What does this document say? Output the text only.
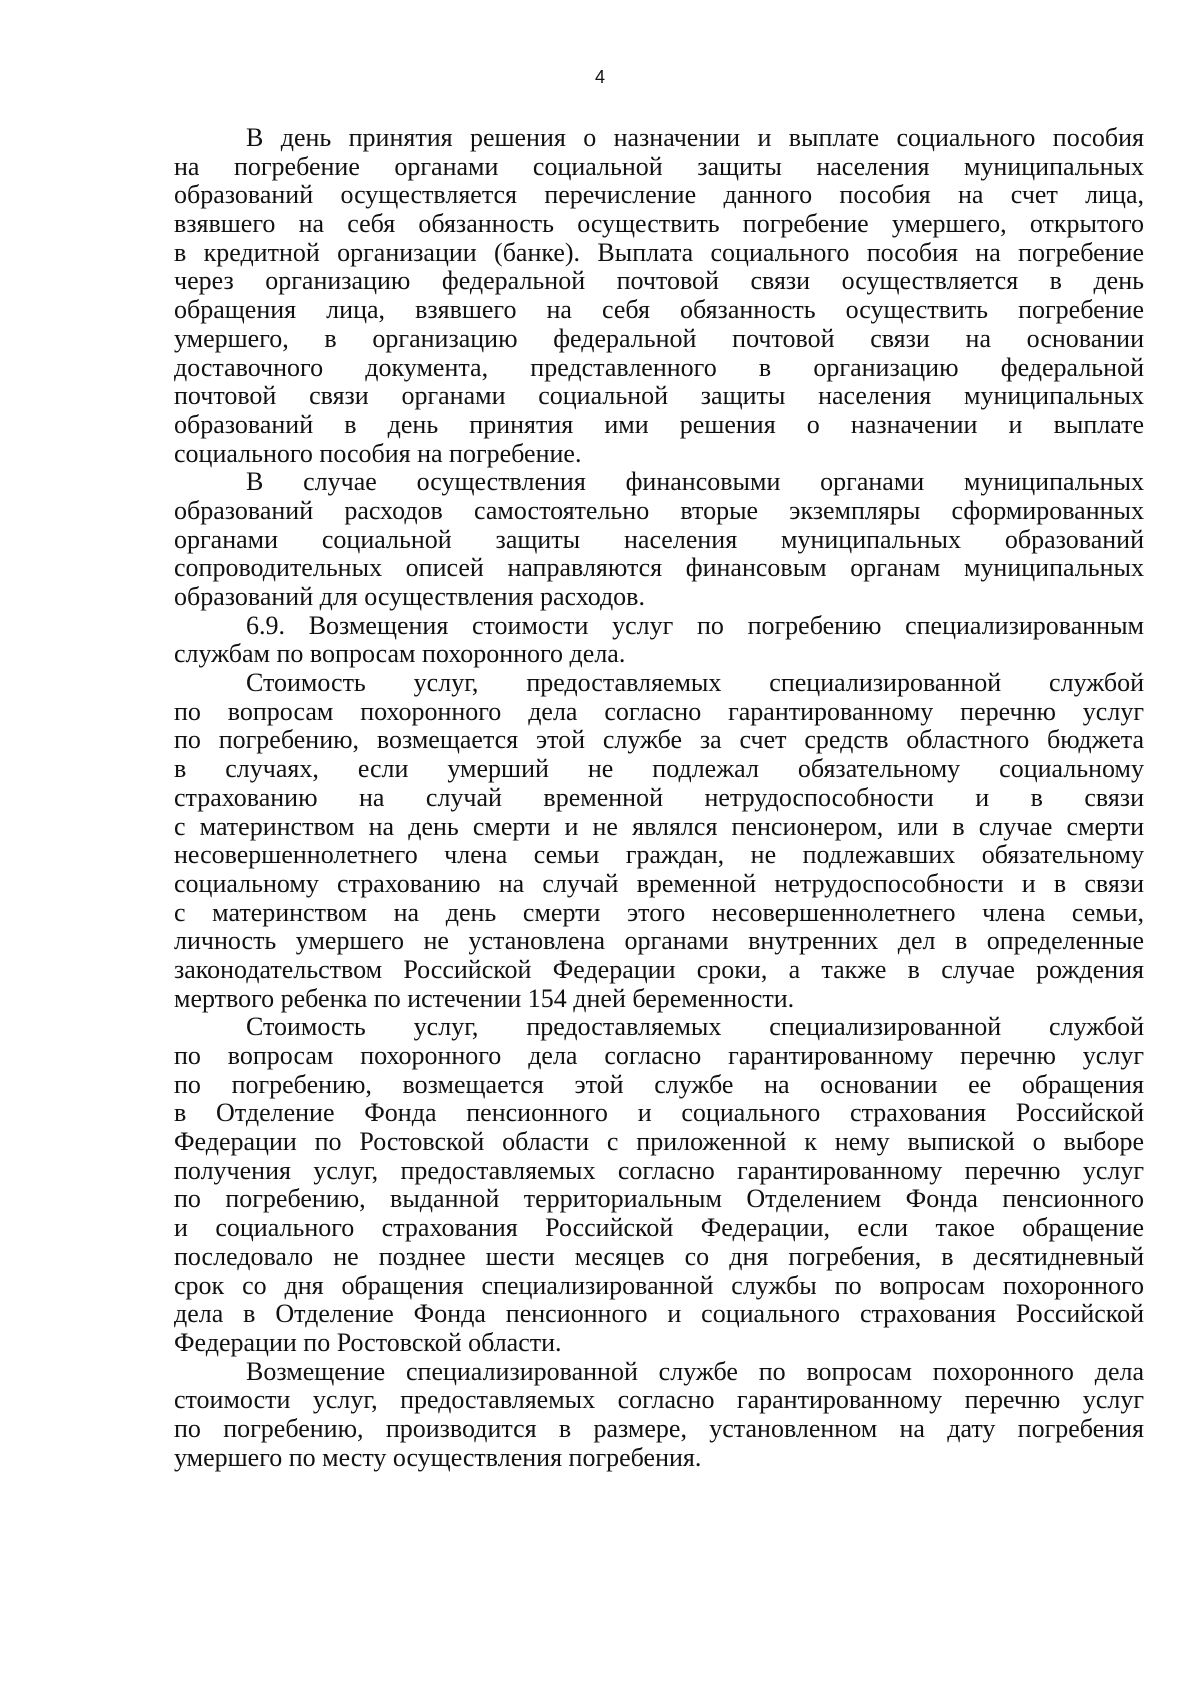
4
В день принятия решения о назначении и выплате социального пособия
на погребение органами социальной защиты населения муниципальных
образований осуществляется перечисление данного пособия на счет лица,
взявшего на себя обязанность осуществить погребение умершего, открытого
в кредитной организации (банке). Выплата социального пособия на погребение
через организацию федеральной почтовой связи осуществляется в день
обращения лица, взявшего на себя обязанность осуществить погребение
умершего, в организацию федеральной почтовой связи на основании
доставочного документа, представленного в организацию федеральной
почтовой связи органами социальной защиты населения муниципальных
образований в день принятия ими решения о назначении и выплате
социального пособия на погребение.
В случае осуществления финансовыми органами муниципальных
образований расходов самостоятельно вторые экземпляры сформированных
органами социальной защиты населения муниципальных образований
сопроводительных описей направляются финансовым органам муниципальных
образований для осуществления расходов.
6.9. Возмещения стоимости услуг по погребению специализированным
службам по вопросам похоронного дела.
Стоимость услуг, предоставляемых специализированной службой
по вопросам похоронного дела согласно гарантированному перечню услуг
по погребению, возмещается этой службе за счет средств областного бюджета
в случаях, если умерший не подлежал обязательному социальному
страхованию на случай временной нетрудоспособности и в связи
с материнством на день смерти и не являлся пенсионером, или в случае смерти
несовершеннолетнего члена семьи граждан, не подлежавших обязательному
социальному страхованию на случай временной нетрудоспособности и в связи
с материнством на день смерти этого несовершеннолетнего члена семьи,
личность умершего не установлена органами внутренних дел в определенные
законодательством Российской Федерации сроки, а также в случае рождения
мертвого ребенка по истечении 154 дней беременности.
Стоимость услуг, предоставляемых специализированной службой
по вопросам похоронного дела согласно гарантированному перечню услуг
по погребению, возмещается этой службе на основании ее обращения
в Отделение Фонда пенсионного и социального страхования Российской
Федерации по Ростовской области с приложенной к нему выпиской о выборе
получения услуг, предоставляемых согласно гарантированному перечню услуг
по погребению, выданной территориальным Отделением Фонда пенсионного
и социального страхования Российской Федерации, если такое обращение
последовало не позднее шести месяцев со дня погребения, в десятидневный
срок со дня обращения специализированной службы по вопросам похоронного
дела в Отделение Фонда пенсионного и социального страхования Российской
Федерации по Ростовской области.
Возмещение специализированной службе по вопросам похоронного дела
стоимости услуг, предоставляемых согласно гарантированному перечню услуг
по погребению, производится в размере, установленном на дату погребения
умершего по месту осуществления погребения.
